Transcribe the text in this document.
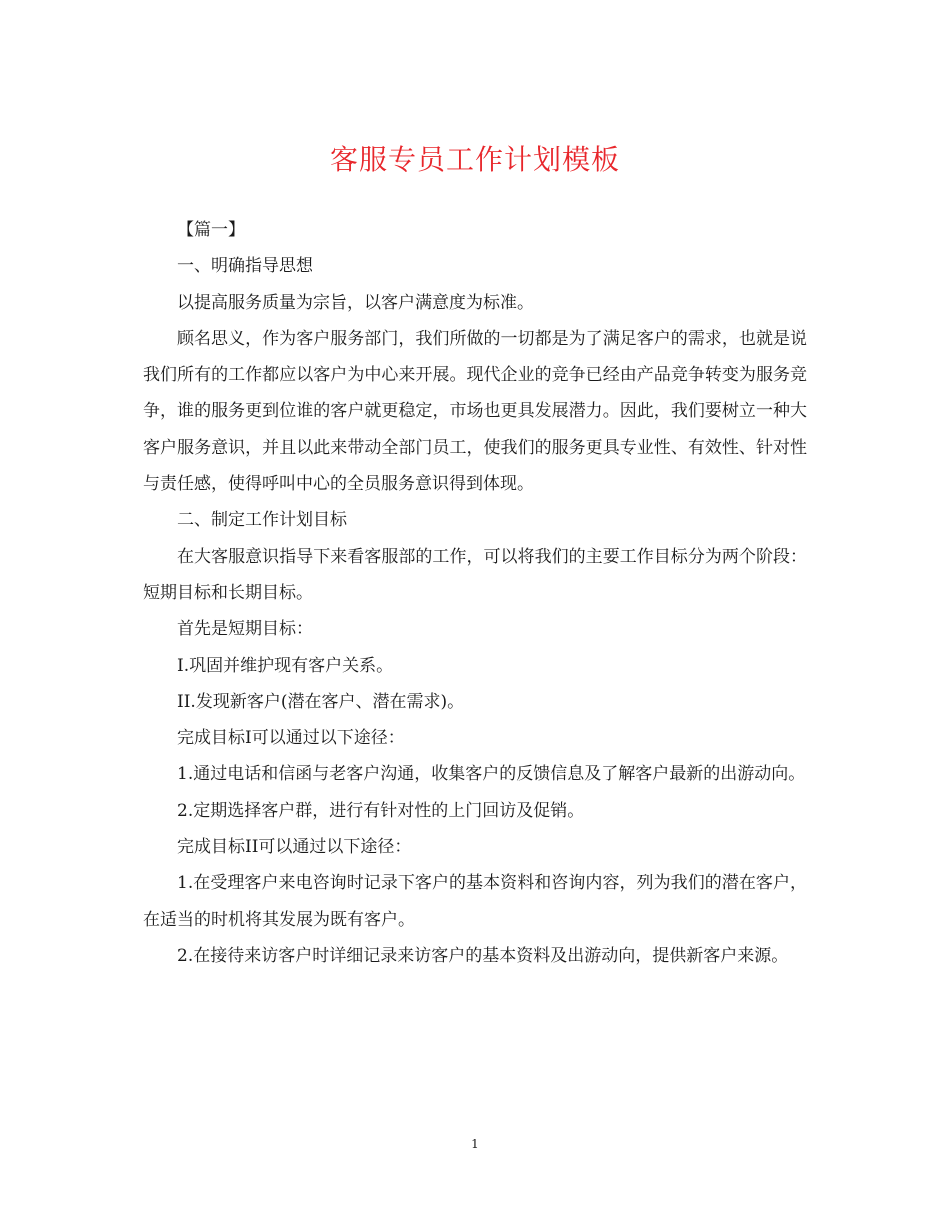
客服专员工作计划模板

【篇一】

一、明确指导思想

以提高服务质量为宗旨，以客户满意度为标准。

顾名思义，作为客户服务部门，我们所做的一切都是为了满足客户的需求，也就是说我们所有的工作都应以客户为中心来开展。现代企业的竞争已经由产品竞争转变为服务竞争，谁的服务更到位谁的客户就更稳定，市场也更具发展潜力。因此，我们要树立一种大客户服务意识，并且以此来带动全部门员工，使我们的服务更具专业性、有效性、针对性与责任感，使得呼叫中心的全员服务意识得到体现。

二、制定工作计划目标

在大客服意识指导下来看客服部的工作，可以将我们的主要工作目标分为两个阶段：短期目标和长期目标。

首先是短期目标：

I.巩固并维护现有客户关系。

II.发现新客户(潜在客户、潜在需求)。

完成目标I可以通过以下途径：

1.通过电话和信函与老客户沟通，收集客户的反馈信息及了解客户最新的出游动向。

2.定期选择客户群，进行有针对性的上门回访及促销。

完成目标II可以通过以下途径：

1.在受理客户来电咨询时记录下客户的基本资料和咨询内容，列为我们的潜在客户，在适当的时机将其发展为既有客户。

2.在接待来访客户时详细记录来访客户的基本资料及出游动向，提供新客户来源。

1
